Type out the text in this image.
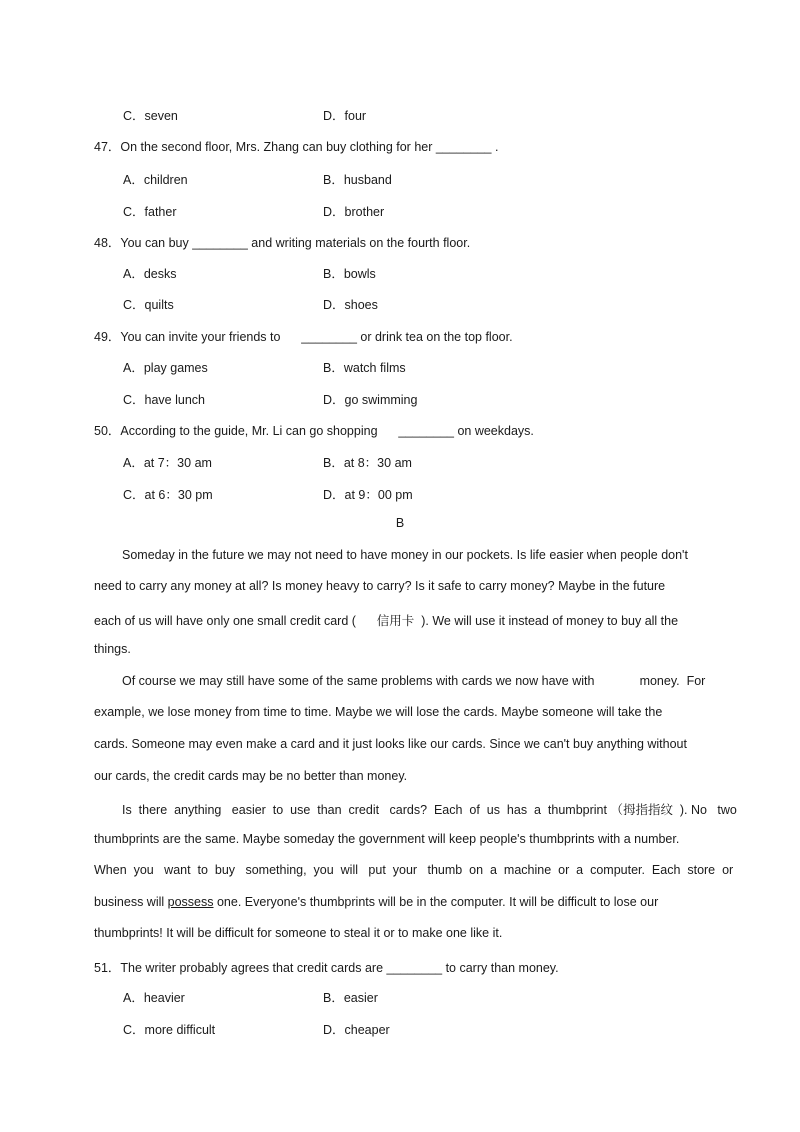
C．seven	D．four
47．On the second floor, Mrs. Zhang can buy clothing for her ________ .
A．children	B．husband
C．father	D．brother
48．You can buy ________ and writing materials on the fourth floor.
A．desks	B．bowls
C．quilts	D．shoes
49．You can invite your friends to      ________ or drink tea on the top floor.
A．play games	B．watch films
C．have lunch	D．go swimming
50．According to the guide, Mr. Li can go shopping      ________ on weekdays.
A．at 7：30 am	B．at 8：30 am
C．at 6：30 pm	D．at 9：00 pm
B
Someday in the future we may not need to have money in our pockets. Is life easier when people don't
need to carry any money at all? Is money heavy to carry? Is it safe to carry money? Maybe in the future
each of us will have only one small credit card (      信用卡  ). We will use it instead of money to buy all the
things.
Of course we may still have some of the same problems with cards we now have with             money.  For
example, we lose money from time to time. Maybe we will lose the cards. Maybe someone will take the
cards. Someone may even make a card and it just looks like our cards. Since we can't buy anything without
our cards, the credit cards may be no better than money.
Is  there  anything   easier  to  use  than  credit   cards?  Each  of  us  has  a  thumbprint （拇指指纹  ). No   two
thumbprints are the same. Maybe someday the government will keep people's thumbprints with a number.
When  you   want  to  buy   something,  you  will   put  your   thumb  on  a  machine  or  a  computer.  Each  store  or
business will possess one. Everyone's thumbprints will be in the computer. It will be difficult to lose our
thumbprints! It will be difficult for someone to steal it or to make one like it.
51．The writer probably agrees that credit cards are ________ to carry than money.
A．heavier	B．easier
C．more difficult	D．cheaper
